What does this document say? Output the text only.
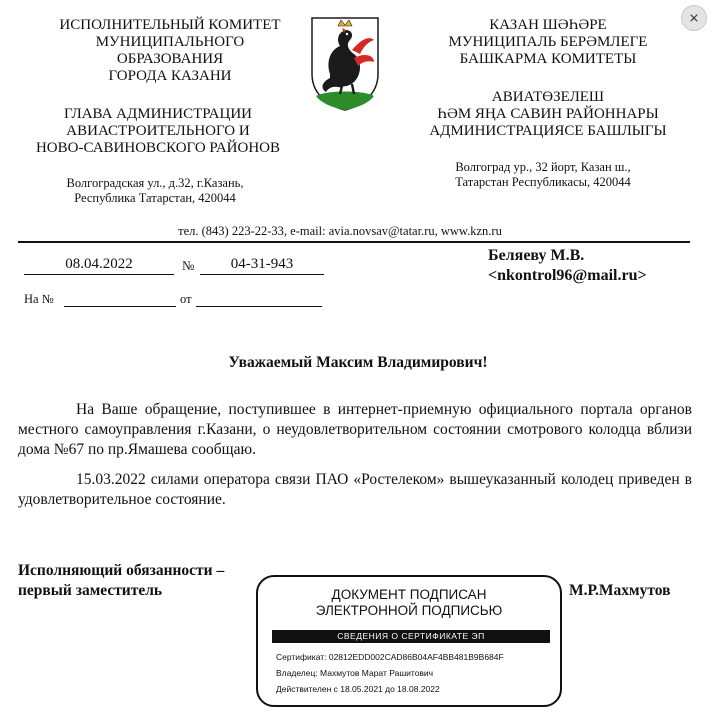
⨯
ИСПОЛНИТЕЛЬНЫЙ КОМИТЕТ
МУНИЦИПАЛЬНОГО
ОБРАЗОВАНИЯ
ГОРОДА КАЗАНИ
ГЛАВА АДМИНИСТРАЦИИ
АВИАСТРОИТЕЛЬНОГО И
НОВО-САВИНОВСКОГО РАЙОНОВ
Волгоградская ул., д.32, г.Казань,
Республика Татарстан, 420044
КАЗАН ШӘҺӘРЕ
МУНИЦИПАЛЬ БЕРӘМЛЕГЕ
БАШКАРМА КОМИТЕТЫ
АВИАТӨЗЕЛЕШ
ҺӘМ ЯҢА САВИН РАЙОННАРЫ
АДМИНИСТРАЦИЯСЕ БАШЛЫГЫ
Волгоград ур., 32 йорт, Казан ш.,
Татарстан Республикасы, 420044
тел. (843) 223-22-33, e-mail: avia.novsav@tatar.ru, www.kzn.ru
08.04.2022	№	04-31-943
На №	от
Беляеву М.В.
<nkontrol96@mail.ru>
Уважаемый Максим Владимирович!
На Ваше обращение, поступившее в интернет-приемную официального портала органов местного самоуправления г.Казани, о неудовлетворительном состоянии смотрового колодца вблизи дома №67 по пр.Ямашева сообщаю.
15.03.2022 силами оператора связи ПАО «Ростелеком» вышеуказанный колодец приведен в удовлетворительное состояние.
Исполняющий обязанности –
первый заместитель	М.Р.Махмутов
ДОКУМЕНТ ПОДПИСАН
ЭЛЕКТРОННОЙ ПОДПИСЬЮ
СВЕДЕНИЯ О СЕРТИФИКАТЕ ЭП
Сертификат: 02812EDD002CAD86B04AF4BB481B9B684F
Владелец: Махмутов Марат Рашитович
Действителен с 18.05.2021 до 18.08.2022
